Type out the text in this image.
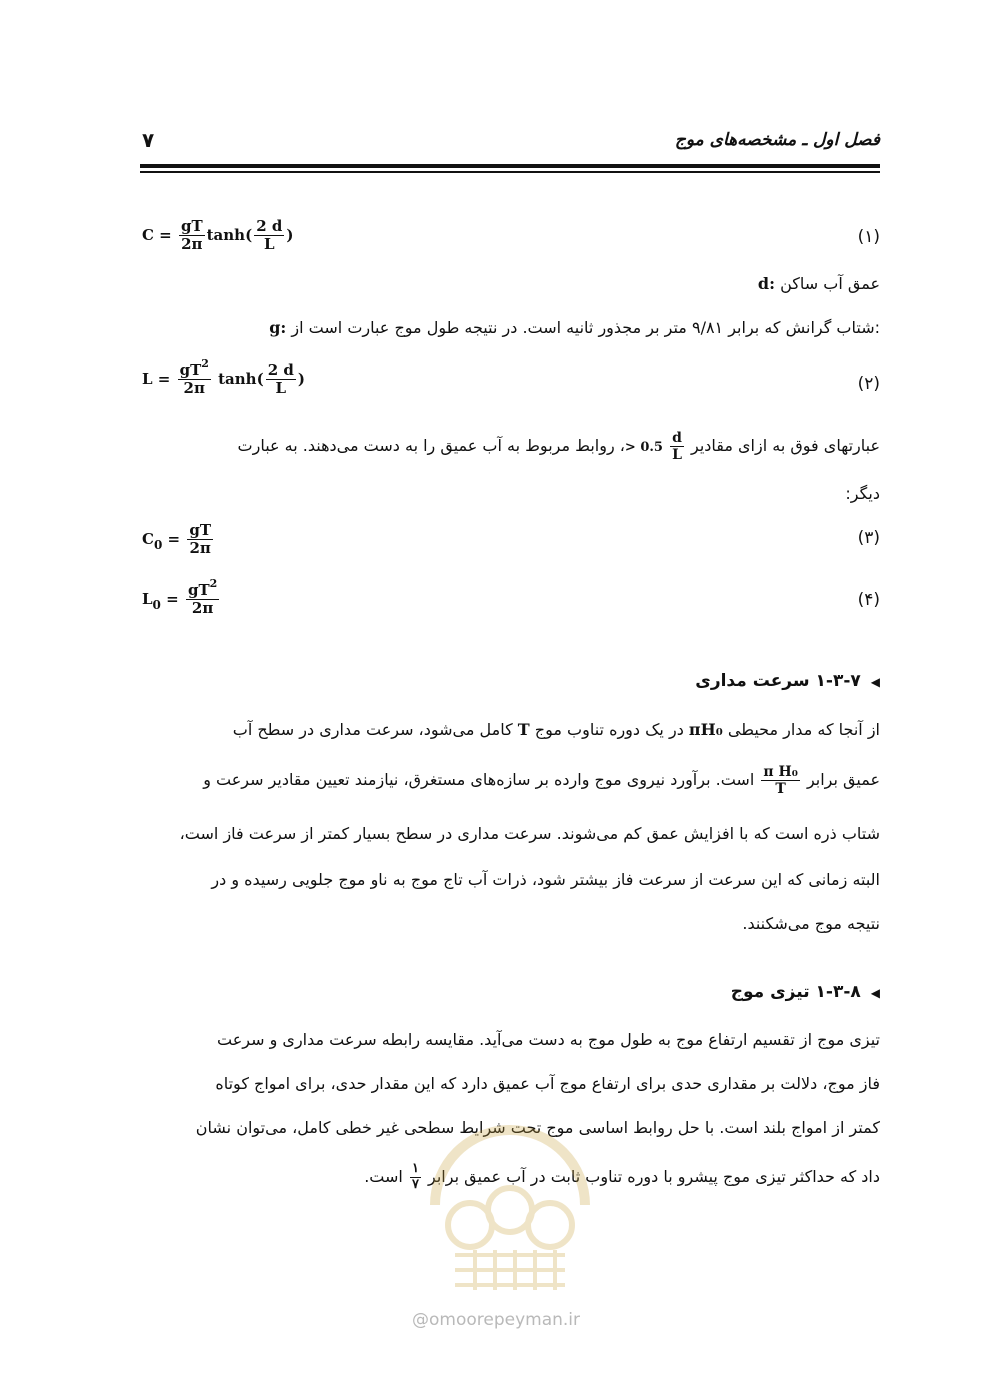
فصل اول ـ مشخصه‌های موج
۷
$C = \frac{gT}{2\pi} \tanh( \frac{2 d}{L}$ )	(۱)
d: عمق آب ساکن
g: شتاب گرانش که برابر ۹/۸۱ متر بر مجذور ثانیه است. در نتیجه طول موج عبارت است از:
$L = \frac{gT^2}{2\pi} \tanh( \frac{2 d}{L}$ )	(۲)
عبارتهای فوق به ازای مقادیر
$\frac{d}{L}$
> 0.5، روابط مربوط به آب عمیق را به دست می‌دهند. به عبارت
دیگر:
$C_0 = \frac{gT}{2\pi}$	(۳)
$L_0 = \frac{gT^2}{2\pi}$	(۴)
◀۱-۳-۷ سرعت مداری
از آنجا که مدار محیطی πH₀ در یک دوره تناوب موج T کامل می‌شود، سرعت مداری در سطح آب
عمیق برابر
$\frac{\text{π H₀}}{T}$
است. برآورد نیروی موج وارده بر سازه‌های مستغرق، نیازمند تعیین مقادیر سرعت و
شتاب ذره است که با افزایش عمق کم می‌شوند. سرعت مداری در سطح بسیار کمتر از سرعت فاز است،
البته زمانی که این سرعت از سرعت فاز بیشتر شود، ذرات آب تاج موج به ناو موج جلویی رسیده و در
نتیجه موج می‌شکنند.
◀۱-۳-۸ تیزی موج
تیزی موج از تقسیم ارتفاع موج به طول موج به دست می‌آید. مقایسه رابطه سرعت مداری و سرعت
فاز موج، دلالت بر مقداری حدی برای ارتفاع موج آب عمیق دارد که این مقدار حدی، برای امواج کوتاه
کمتر از امواج بلند است. با حل روابط اساسی موج تحت شرایط سطحی غیر خطی کامل، می‌توان نشان
داد که حداکثر تیزی موج پیشرو با دوره تناوب ثابت در آب عمیق برابر
$\frac{۱}{۷}$
است.
@omoorepeyman.ir
